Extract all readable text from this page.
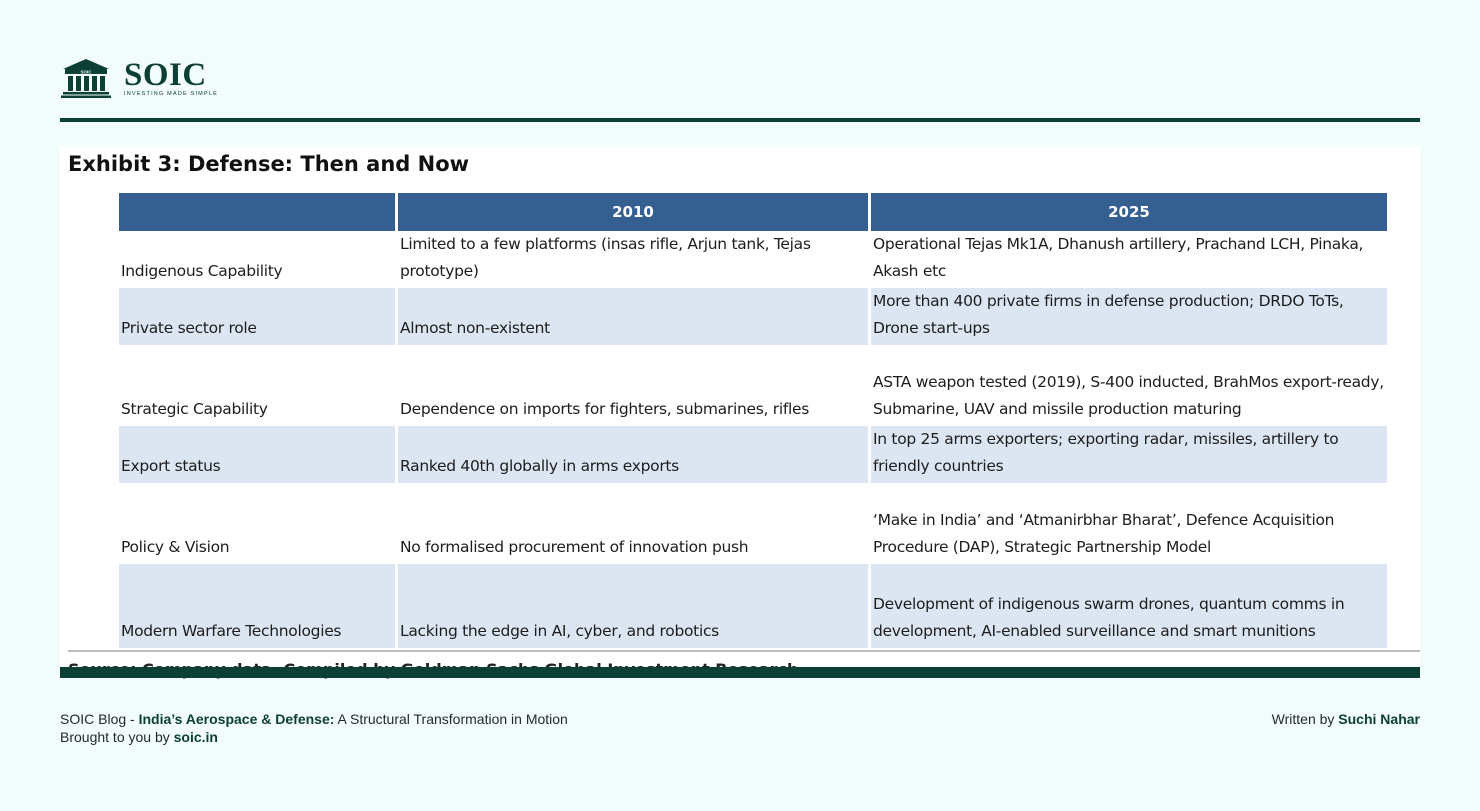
SOIC SOIC
INVESTING MADE SIMPLE
Exhibit 3: Defense: Then and Now
	2010	2025
Indigenous Capability	Limited to a few platforms (insas rifle, Arjun tank, Tejas prototype)	Operational Tejas Mk1A, Dhanush artillery, Prachand LCH, Pinaka, Akash etc
Private sector role	Almost non-existent	More than 400 private firms in defense production; DRDO ToTs, Drone start-ups
Strategic Capability	Dependence on imports for fighters, submarines, rifles	ASTA weapon tested (2019), S-400 inducted, BrahMos export-ready, Submarine, UAV and missile production maturing
Export status	Ranked 40th globally in arms exports	In top 25 arms exporters; exporting radar, missiles, artillery to friendly countries
Policy & Vision	No formalised procurement of innovation push	‘Make in India’ and ‘Atmanirbhar Bharat’, Defence Acquisition Procedure (DAP), Strategic Partnership Model
Modern Warfare Technologies	Lacking the edge in AI, cyber, and robotics	Development of indigenous swarm drones, quantum comms in development, AI-enabled surveillance and smart munitions
SOIC Blog - India’s Aerospace & Defense: A Structural Transformation in Motion
Brought to you by soic.in
Written by Suchi Nahar
